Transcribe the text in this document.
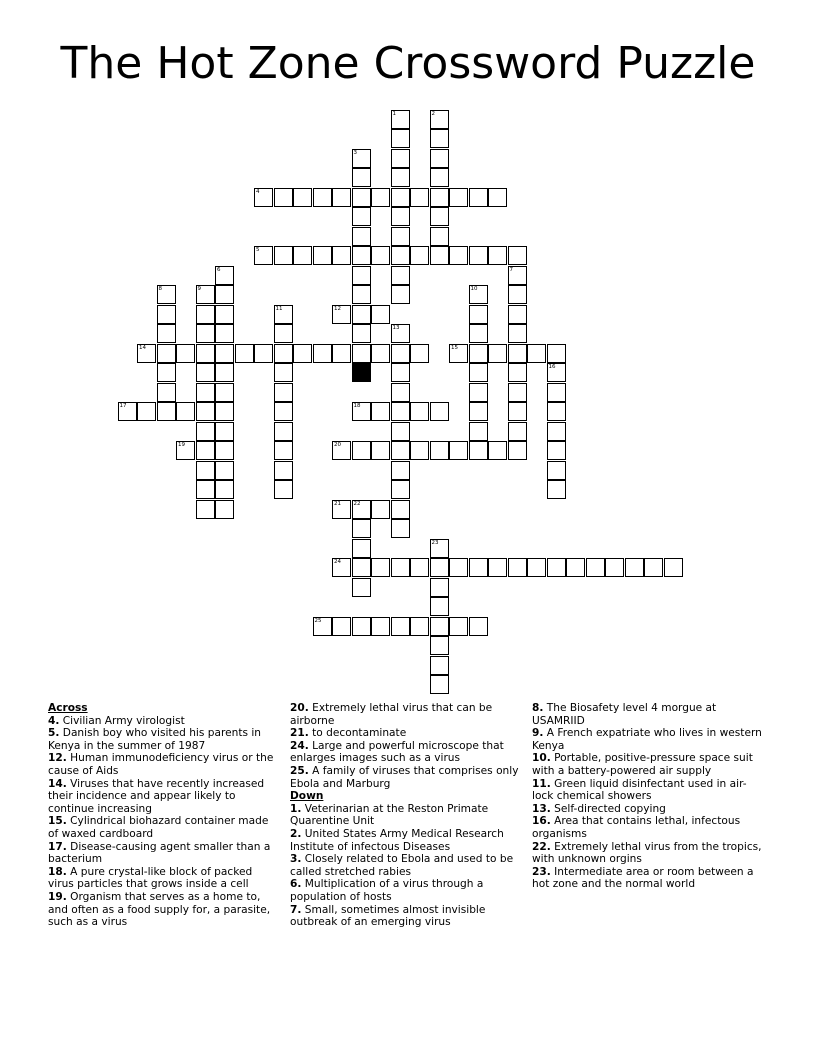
The Hot Zone Crossword Puzzle
1	2
3
4
5
6	7
8	9	10
11	12
13
14	15
16
17	18
19	20
21 22
23
24
25
Across
4. Civilian Army virologist
5. Danish boy who visited his parents in Kenya in the summer of 1987
12. Human immunodeficiency virus or the cause of Aids
14. Viruses that have recently increased their incidence and appear likely to continue increasing
15. Cylindrical biohazard container made of waxed cardboard
17. Disease-causing agent smaller than a bacterium
18. A pure crystal-like block of packed virus particles that grows inside a cell
19. Organism that serves as a home to, and often as a food supply for, a parasite, such as a virus
20. Extremely lethal virus that can be airborne
21. to decontaminate
24. Large and powerful microscope that enlarges images such as a virus
25. A family of viruses that comprises only Ebola and Marburg
Down
1. Veterinarian at the Reston Primate Quarentine Unit
2. United States Army Medical Research Institute of infectous Diseases
3. Closely related to Ebola and used to be called stretched rabies
6. Multiplication of a virus through a population of hosts
7. Small, sometimes almost invisible outbreak of an emerging virus
8. The Biosafety level 4 morgue at USAMRIID
9. A French expatriate who lives in western Kenya
10. Portable, positive-pressure space suit with a battery-powered air supply
11. Green liquid disinfectant used in air-lock chemical showers
13. Self-directed copying
16. Area that contains lethal, infectous organisms
22. Extremely lethal virus from the tropics, with unknown orgins
23. Intermediate area or room between a hot zone and the normal world
